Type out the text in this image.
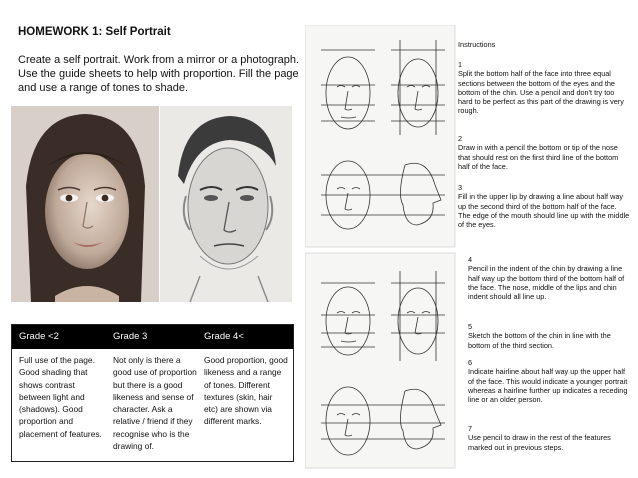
HOMEWORK 1: Self Portrait
Create a self portrait. Work from a mirror or a photograph. Use the guide sheets to help with proportion. Fill the page and use a range of tones to shade.
Grade <2	Grade 3	Grade 4<
Full use of the page. Good shading that shows contrast between light and (shadows). Good proportion and placement of features.
Not only is there a good use of proportion but there is a good likeness and sense of character. Ask a relative / friend if they recognise who is the drawing of.
Good proportion, good likeness and a range of tones. Different textures (skin, hair etc) are shown via different marks.
Instructions
1
Split the bottom half of the face into three equal sections between the bottom of the eyes and the bottom of the chin. Use a pencil and don't try too hard to be perfect as this part of the drawing is very rough.
2
Draw in with a pencil the bottom or tip of the nose that should rest on the first third line of the bottom half of the face.
3
Fill in the upper lip by drawing a line about half way up the second third of the bottom half of the face. The edge of the mouth should line up with the middle of the eyes.
4
Pencil in the indent of the chin by drawing a line half way up the bottom third of the bottom half of the face. The nose, middle of the lips and chin indent should all line up.
5
Sketch the bottom of the chin in line with the bottom of the third section.
6
Indicate hairline about half way up the upper half of the face. This would indicate a younger portrait whereas a hairline further up indicates a receding line or an older person.
7
Use pencil to draw in the rest of the features marked out in previous steps.
